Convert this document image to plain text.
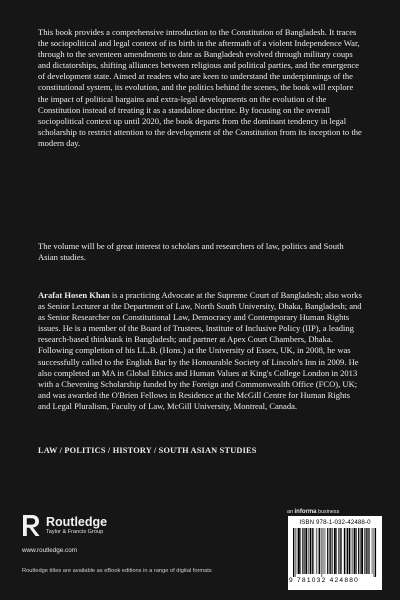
This book provides a comprehensive introduction to the Constitution of Bangladesh. It traces the sociopolitical and legal context of its birth in the aftermath of a violent Independence War, through to the seventeen amendments to date as Bangladesh evolved through military coups and dictatorships, shifting alliances between religious and political parties, and the emergence of development state. Aimed at readers who are keen to understand the underpinnings of the constitutional system, its evolution, and the politics behind the scenes, the book will explore the impact of political bargains and extra-legal developments on the evolution of the Constitution instead of treating it as a standalone doctrine. By focusing on the overall sociopolitical context up until 2020, the book departs from the dominant tendency in legal scholarship to restrict attention to the development of the Constitution from its inception to the modern day.

The volume will be of great interest to scholars and researchers of law, politics and South Asian studies.

Arafat Hosen Khan is a practicing Advocate at the Supreme Court of Bangladesh; also works as Senior Lecturer at the Department of Law, North South University, Dhaka, Bangladesh; and as Senior Researcher on Constitutional Law, Democracy and Contemporary Human Rights issues. He is a member of the Board of Trustees, Institute of Inclusive Policy (IIP), a leading research-based thinktank in Bangladesh; and partner at Apex Court Chambers, Dhaka. Following completion of his LL.B. (Hons.) at the University of Essex, UK, in 2008, he was successfully called to the English Bar by the Honourable Society of Lincoln's Inn in 2009. He also completed an MA in Global Ethics and Human Values at King's College London in 2013 with a Chevening Scholarship funded by the Foreign and Commonwealth Office (FCO), UK; and was awarded the O'Brien Fellows in Residence at the McGill Centre for Human Rights and Legal Pluralism, Faculty of Law, McGill University, Montreal, Canada.

LAW / POLITICS / HISTORY / SOUTH ASIAN STUDIES

Routledge
Taylor & Francis Group
www.routledge.com
Routledge titles are available as eBook editions in a range of digital formats
an informa business
ISBN 978-1-032-42488-0
9 781032 424880
